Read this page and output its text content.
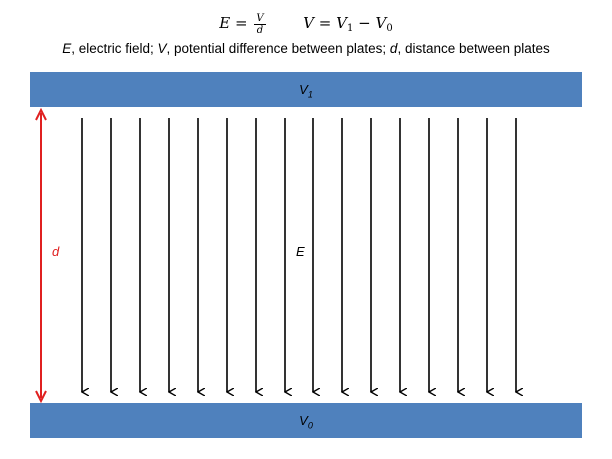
$E = \frac{V}{d}$	$V = V_1 - V_0$
E, electric field; V, potential difference between plates; d, distance between plates
$V_1$
$V_0$
d	E
